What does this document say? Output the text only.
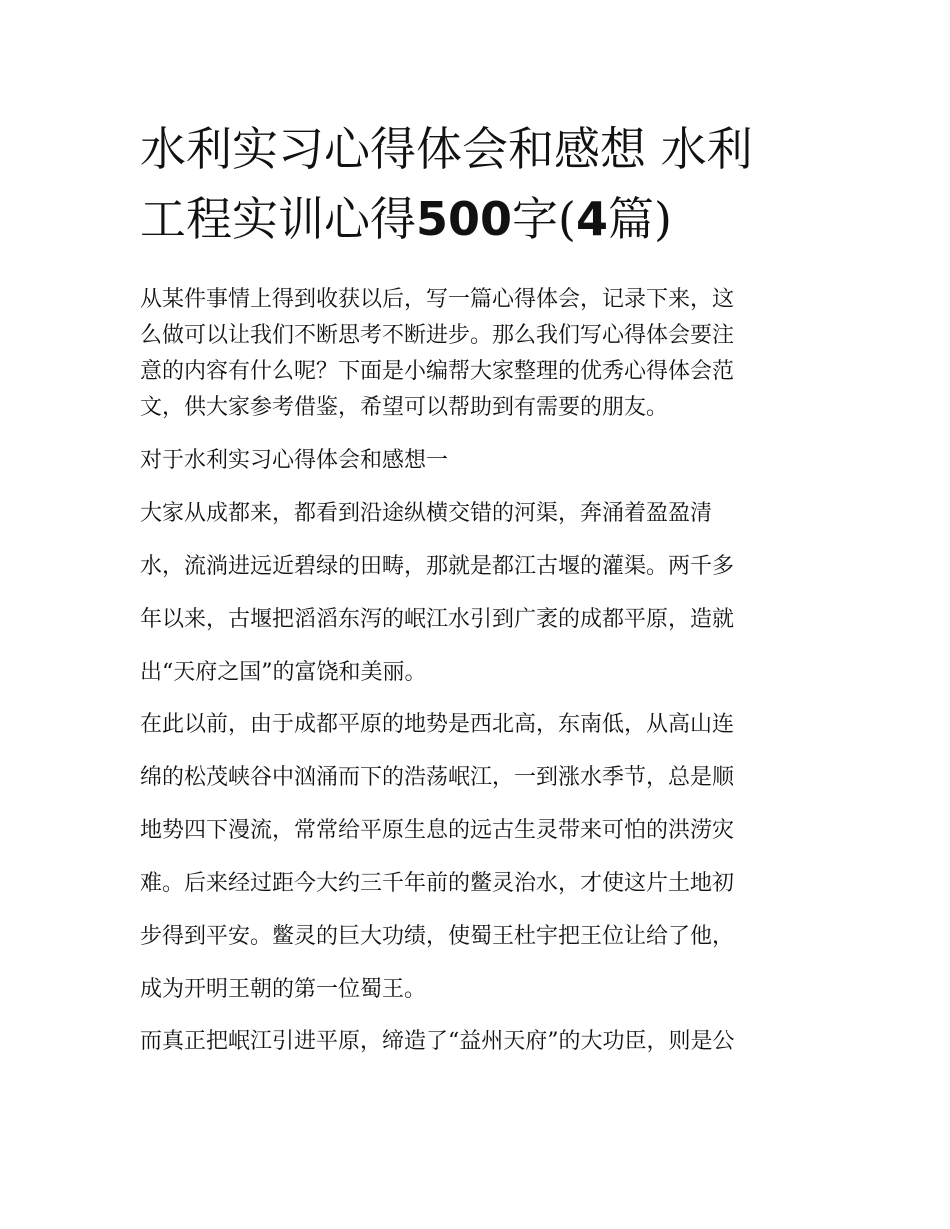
水利实习心得体会和感想 水利
工程实训心得500字(4篇)
从某件事情上得到收获以后，写一篇心得体会，记录下来，这
么做可以让我们不断思考不断进步。那么我们写心得体会要注
意的内容有什么呢？下面是小编帮大家整理的优秀心得体会范
文，供大家参考借鉴，希望可以帮助到有需要的朋友。
对于水利实习心得体会和感想一
大家从成都来，都看到沿途纵横交错的河渠，奔涌着盈盈清
水，流淌进远近碧绿的田畴，那就是都江古堰的灌渠。两千多
年以来，古堰把滔滔东泻的岷江水引到广袤的成都平原，造就
出“天府之国”的富饶和美丽。
在此以前，由于成都平原的地势是西北高，东南低，从高山连
绵的松茂峡谷中汹涌而下的浩荡岷江，一到涨水季节，总是顺
地势四下漫流，常常给平原生息的远古生灵带来可怕的洪涝灾
难。后来经过距今大约三千年前的鳖灵治水，才使这片土地初
步得到平安。鳖灵的巨大功绩，使蜀王杜宇把王位让给了他，
成为开明王朝的第一位蜀王。
而真正把岷江引进平原，缔造了“益州天府”的大功臣，则是公
